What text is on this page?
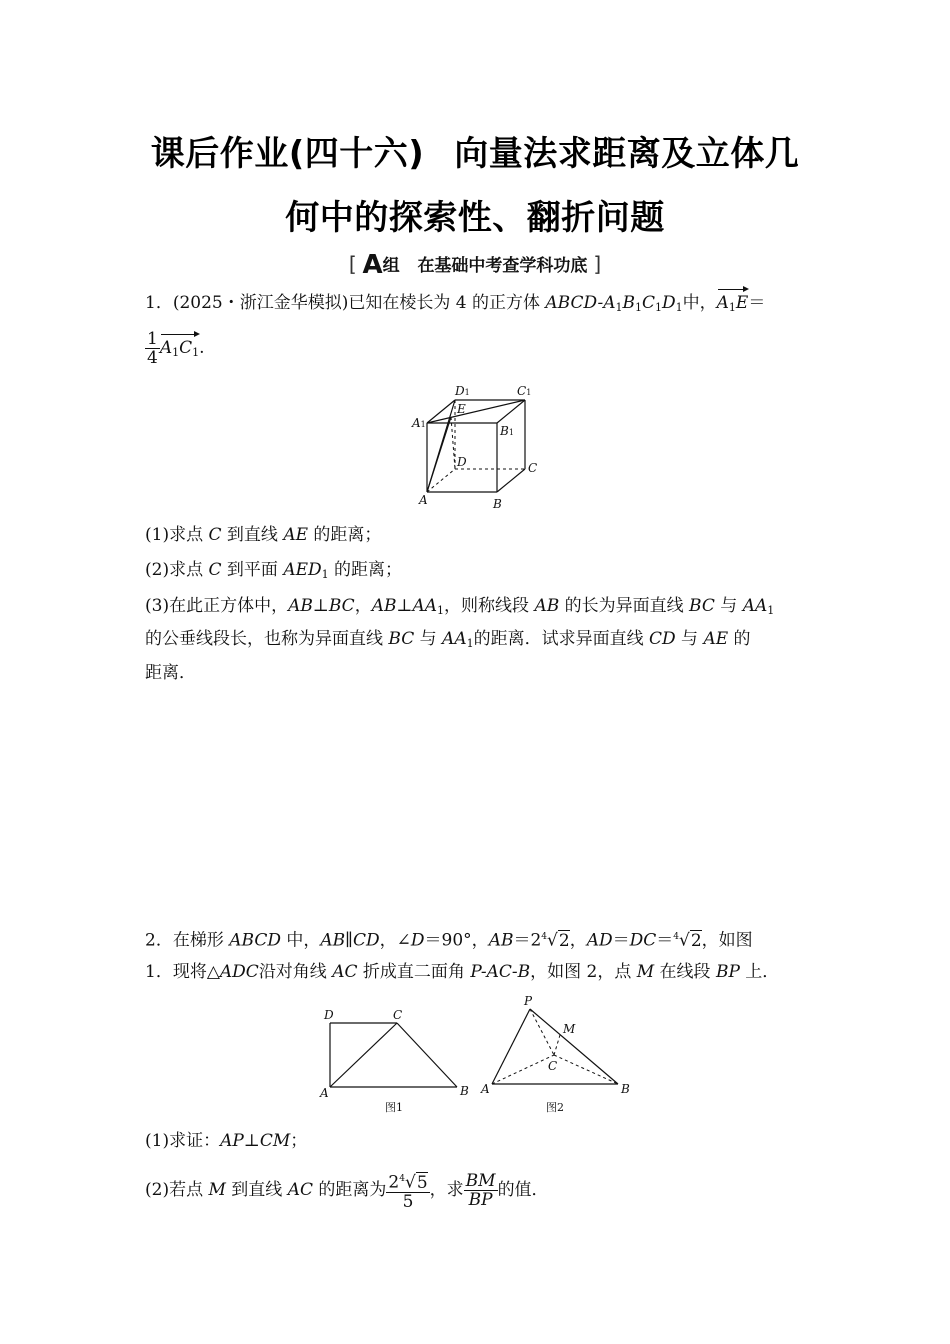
课后作业(四十六) 向量法求距离及立体几
何中的探索性、翻折问题
[ A组 在基础中考查学科功底 ]
1．(2025・浙江金华模拟)已知在棱长为 4 的正方体 ABCD-$A_1B_1C_1D_1$中，$A_1E=$
$\frac{1}{4} A_1C_1$.
D1	C1
A1	B1
E
D	C
A	B
(1)求点 C 到直线 AE 的距离；
(2)求点 C 到平面 $AED_1$ 的距离；
(3)在此正方体中，AB⊥BC，$AB\perp AA_1$，则称线段 AB 的长为异面直线 BC 与 $AA_1$
的公垂线段长，也称为异面直线 BC 与 $AA_1$的距离．试求异面直线 CD 与 AE 的
距离．
2．在梯形 ABCD 中，AB∥CD，∠D＝90°，$AB=2^4√2$，AD＝DC＝$^4$√2，如图
1．现将△ADC沿对角线 AC 折成直二面角 P-AC-B，如图 2，点 M 在线段 BP 上．
D	C
A	B
图1
P
M
C
A	B
图2
(1)求证：AP⊥CM；
(2)若点 M 到直线 AC 的距离为 $\frac{2^4√5}{5}$ ，求 $\frac{BM}{BP}$ 的值．
